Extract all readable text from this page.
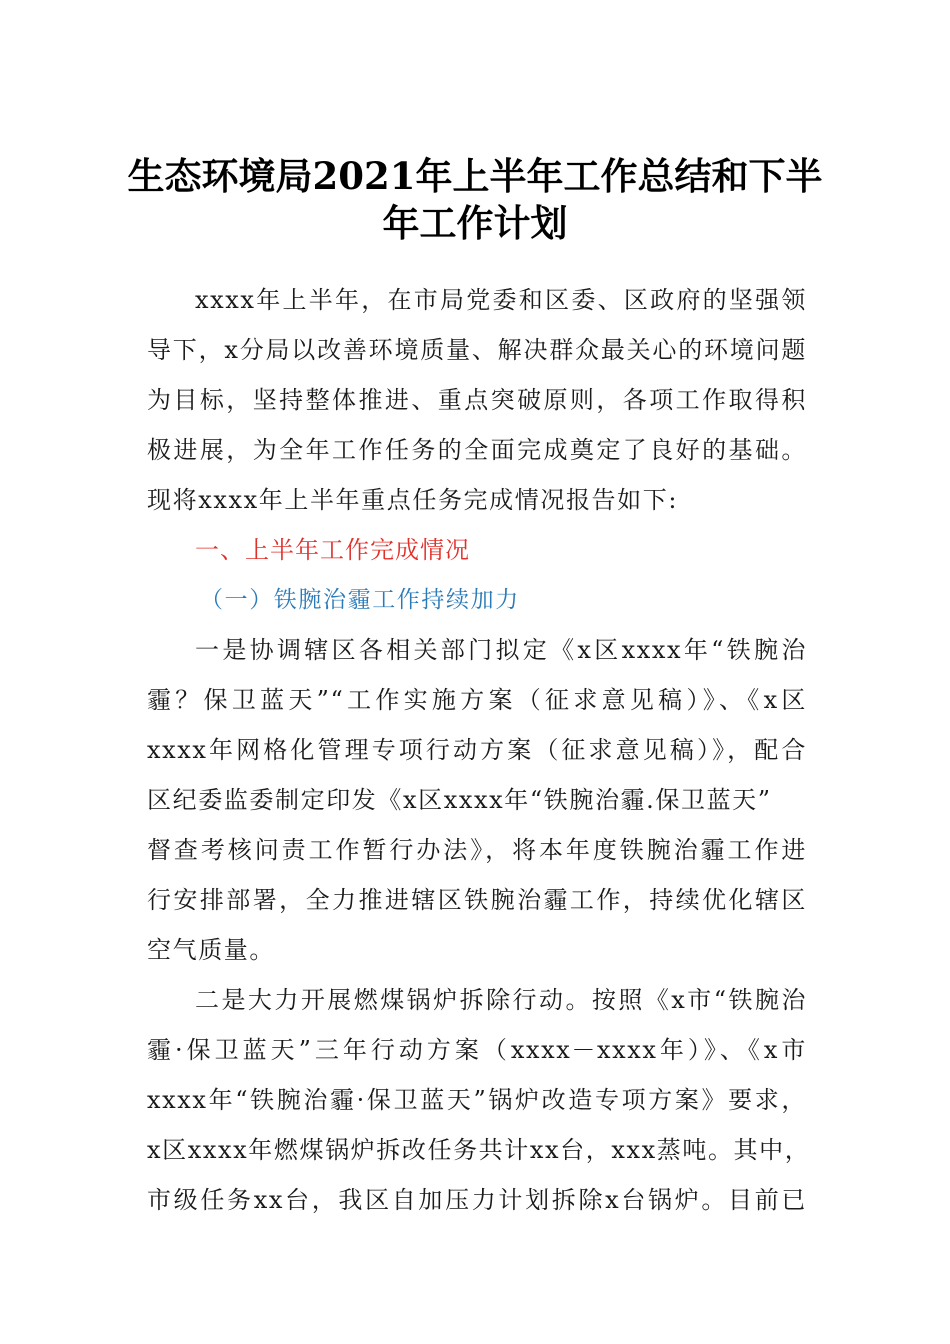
生态环境局2021年上半年工作总结和下半
年工作计划
xxxx年上半年，在市局党委和区委、区政府的坚强领
导下，x分局以改善环境质量、解决群众最关心的环境问题
为目标，坚持整体推进、重点突破原则，各项工作取得积
极进展，为全年工作任务的全面完成奠定了良好的基础。
现将xxxx年上半年重点任务完成情况报告如下:
一、上半年工作完成情况
（一）铁腕治霾工作持续加力
一是协调辖区各相关部门拟定《x区xxxx年“铁腕治
霾？保卫蓝天”“工作实施方案（征求意见稿）》、《x区
xxxx年网格化管理专项行动方案（征求意见稿）》，配合
区纪委监委制定印发《x区xxxx年“铁腕治霾.保卫蓝天”
督查考核问责工作暂行办法》，将本年度铁腕治霾工作进
行安排部署，全力推进辖区铁腕治霾工作，持续优化辖区
空气质量。
二是大力开展燃煤锅炉拆除行动。按照《x市“铁腕治
霾·保卫蓝天”三年行动方案（xxxx－xxxx年）》、《x市
xxxx年“铁腕治霾·保卫蓝天”锅炉改造专项方案》要求，
x区xxxx年燃煤锅炉拆改任务共计xx台，xxx蒸吨。其中，
市级任务xx台，我区自加压力计划拆除x台锅炉。目前已
